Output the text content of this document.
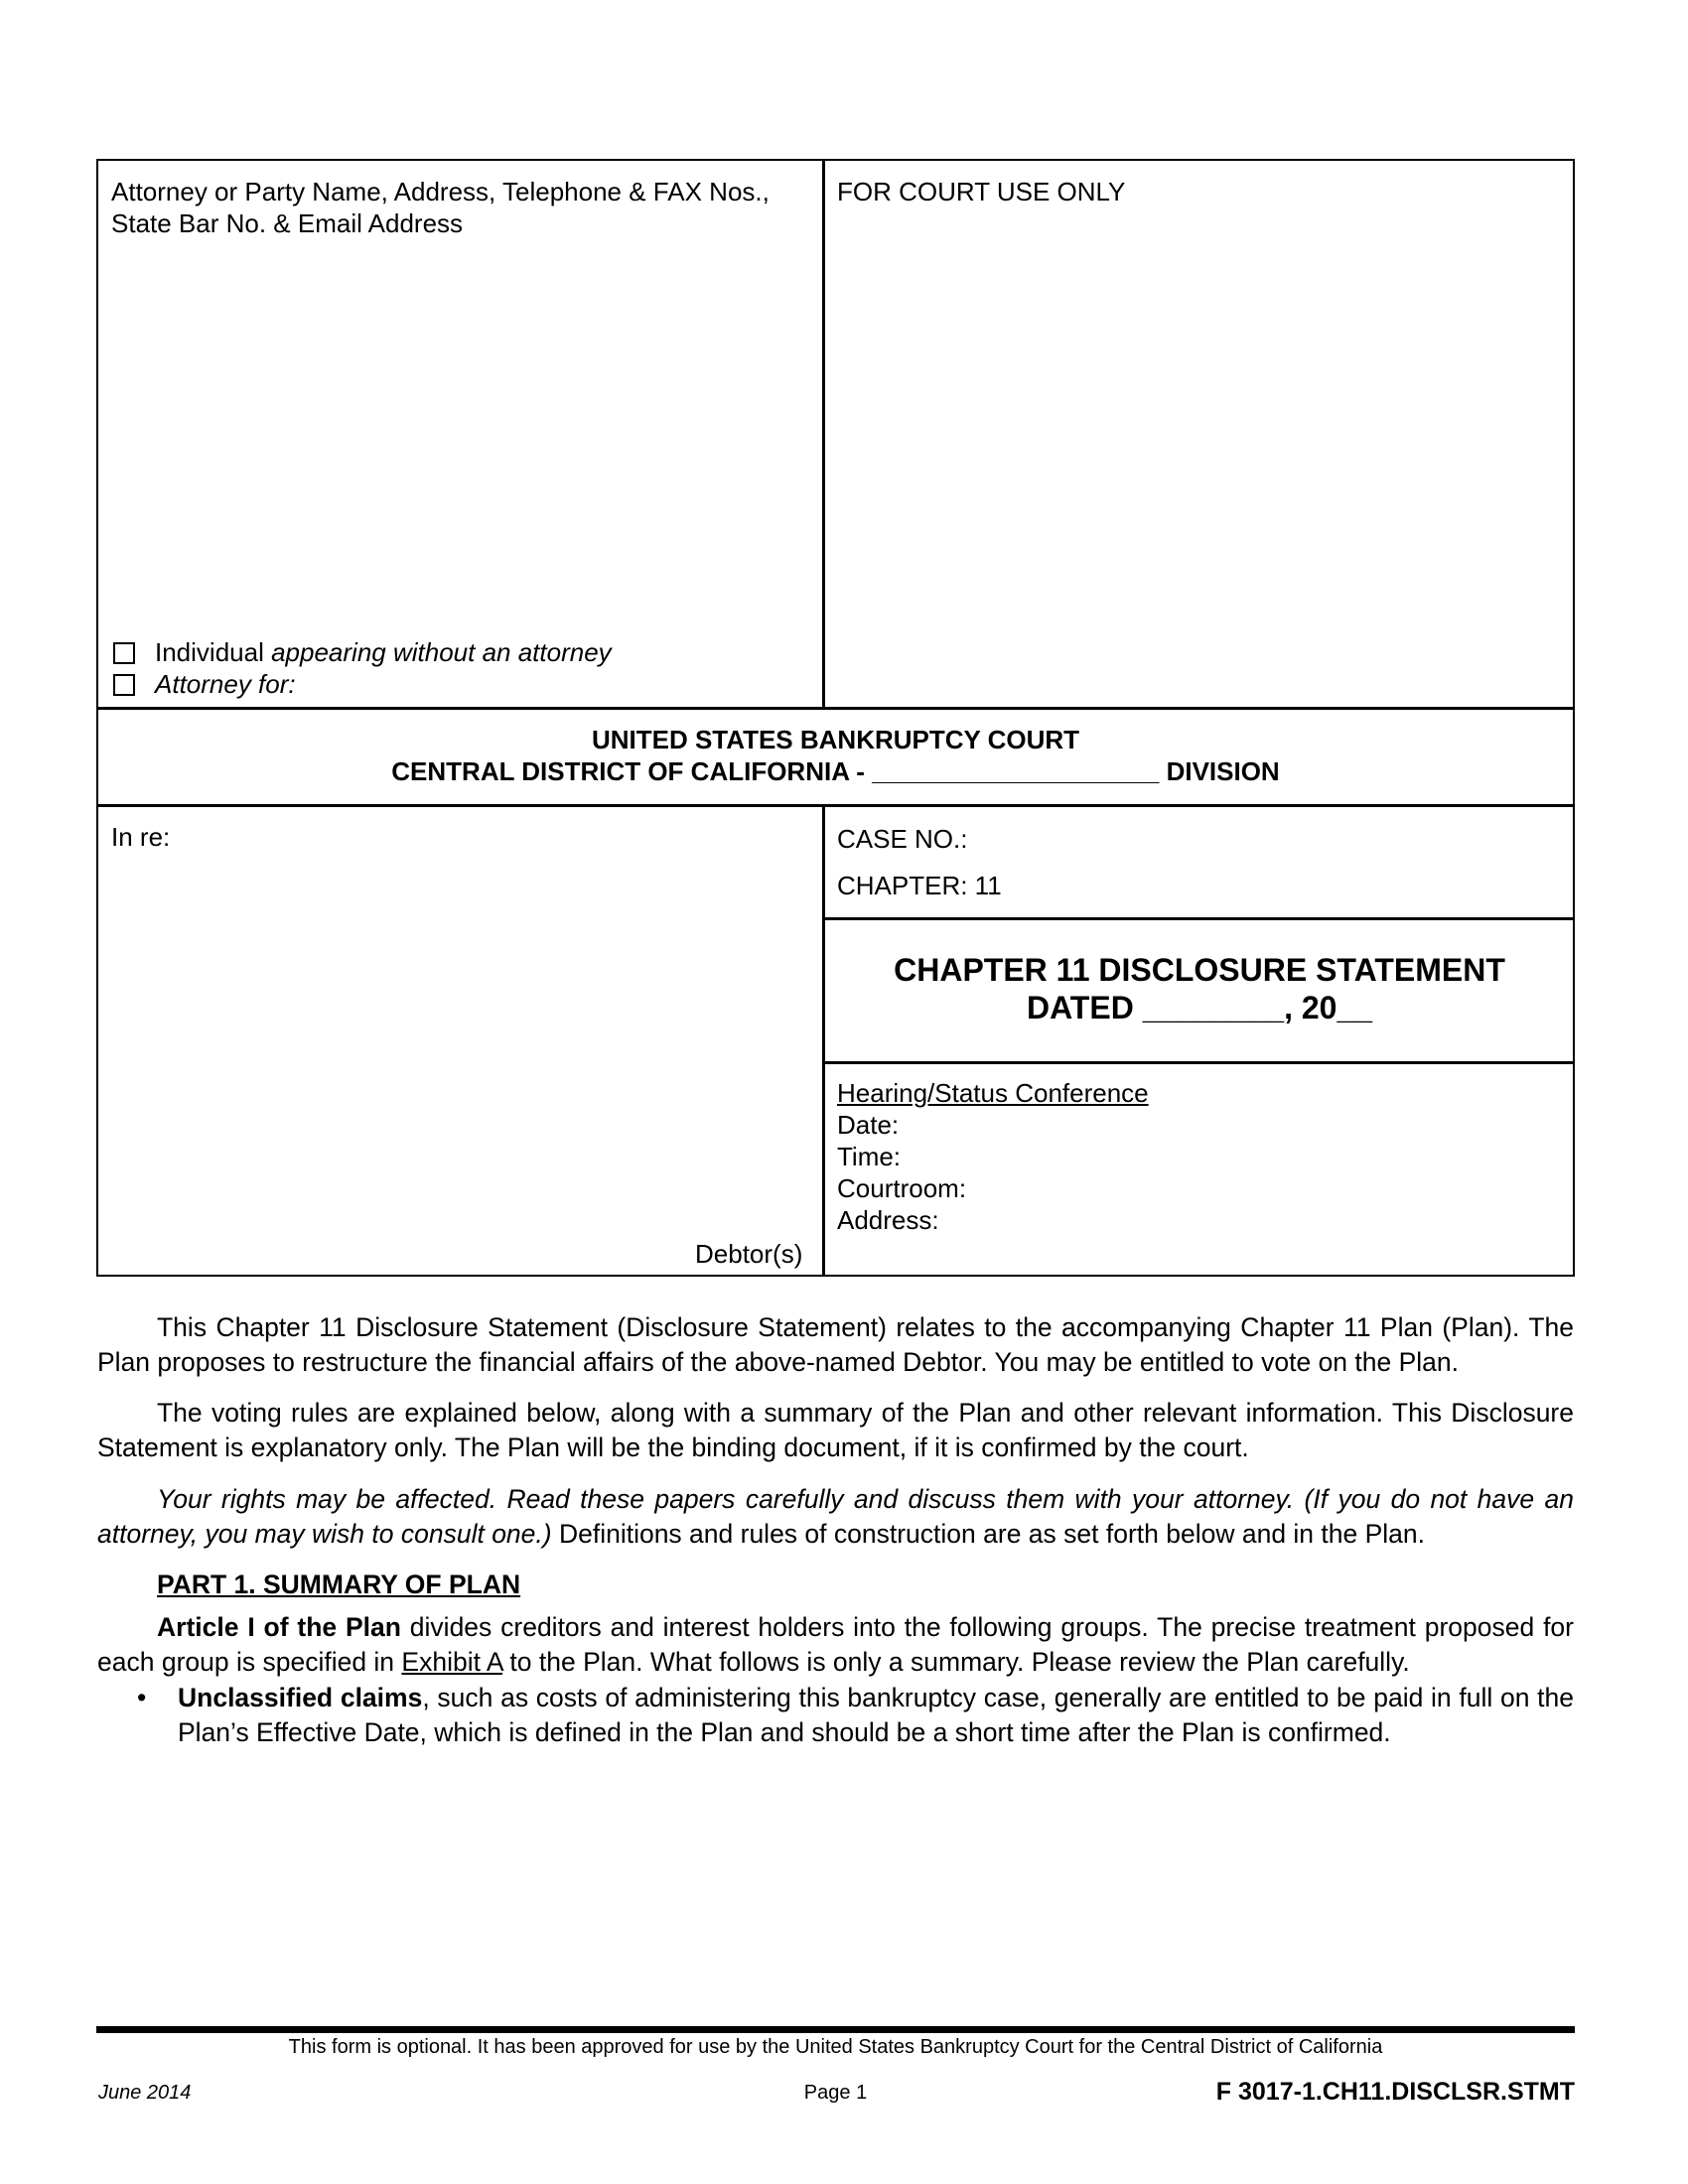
Attorney or Party Name, Address, Telephone & FAX Nos., State Bar No. & Email Address
FOR COURT USE ONLY
Individual appearing without an attorney
Attorney for:
UNITED STATES BANKRUPTCY COURT
CENTRAL DISTRICT OF CALIFORNIA - ____________________ DIVISION
In re:
Debtor(s)
CASE NO.:
CHAPTER: 11
CHAPTER 11 DISCLOSURE STATEMENT
DATED ________, 20__
Hearing/Status Conference
Date:
Time:
Courtroom:
Address:

This Chapter 11 Disclosure Statement (Disclosure Statement) relates to the accompanying Chapter 11 Plan (Plan). The Plan proposes to restructure the financial affairs of the above-named Debtor. You may be entitled to vote on the Plan.

The voting rules are explained below, along with a summary of the Plan and other relevant information. This Disclosure Statement is explanatory only. The Plan will be the binding document, if it is confirmed by the court.

Your rights may be affected. Read these papers carefully and discuss them with your attorney. (If you do not have an attorney, you may wish to consult one.) Definitions and rules of construction are as set forth below and in the Plan.

PART 1. SUMMARY OF PLAN

Article I of the Plan divides creditors and interest holders into the following groups. The precise treatment proposed for each group is specified in Exhibit A to the Plan. What follows is only a summary. Please review the Plan carefully.

• Unclassified claims, such as costs of administering this bankruptcy case, generally are entitled to be paid in full on the Plan’s Effective Date, which is defined in the Plan and should be a short time after the Plan is confirmed.
This form is optional. It has been approved for use by the United States Bankruptcy Court for the Central District of California
June 2014	Page 1	F 3017-1.CH11.DISCLSR.STMT
